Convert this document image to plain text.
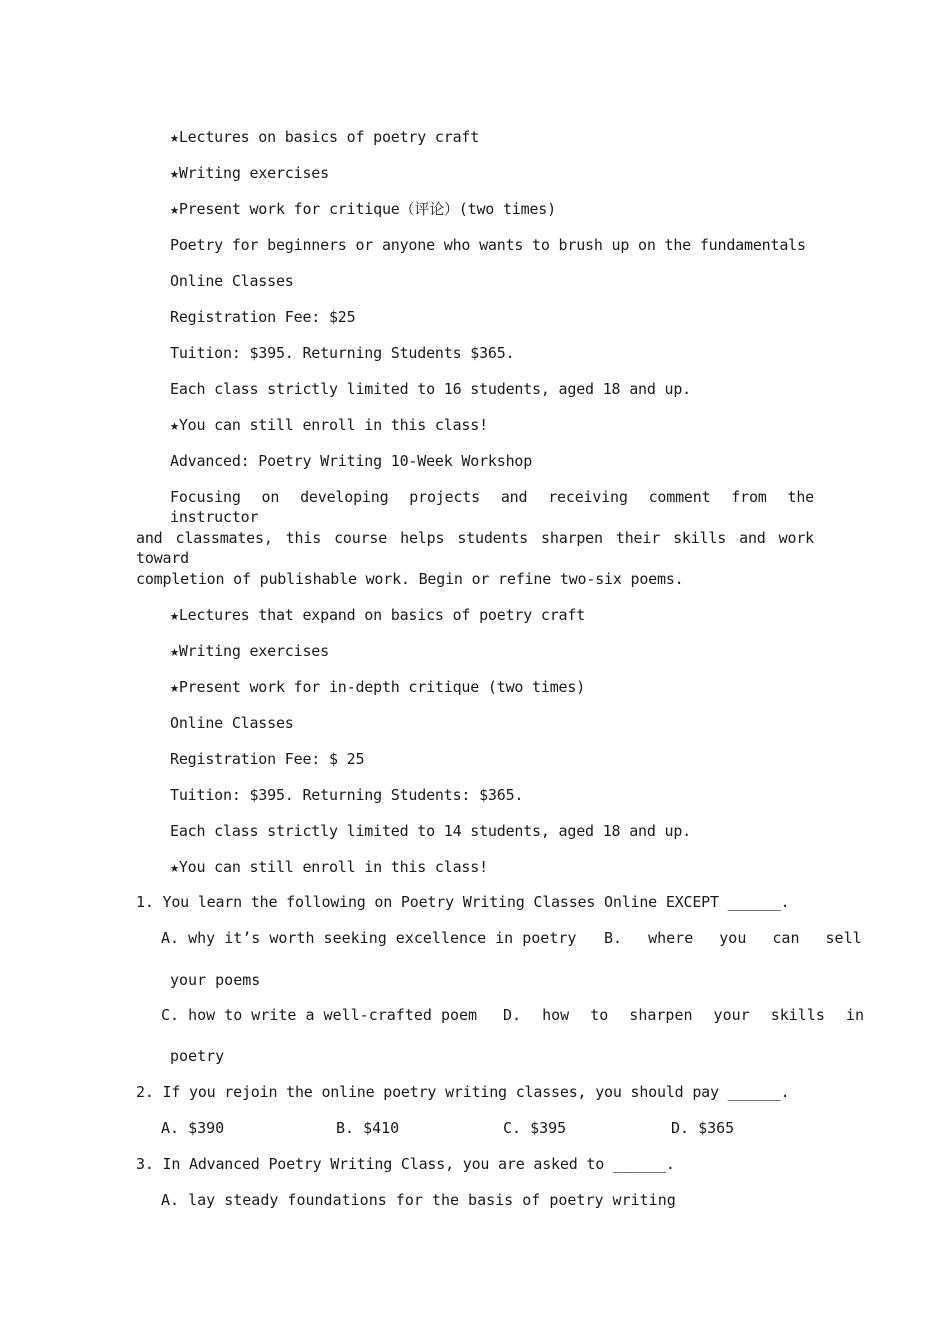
★Lectures on basics of poetry craft
★Writing exercises
★Present work for critique（评论）(two times)
Poetry for beginners or anyone who wants to brush up on the fundamentals
Online Classes
Registration Fee: $25
Tuition: $395. Returning Students $365.
Each class strictly limited to 16 students, aged 18 and up.
★You can still enroll in this class!
Advanced: Poetry Writing 10-Week Workshop
Focusing on developing projects and receiving comment from the instructor
and classmates, this course helps students sharpen their skills and work toward
completion of publishable work. Begin or refine two-six poems.
★Lectures that expand on basics of poetry craft
★Writing exercises
★Present work for in-depth critique (two times)
Online Classes
Registration Fee: $ 25
Tuition: $395. Returning Students: $365.
Each class strictly limited to 14 students, aged 18 and up.
★You can still enroll in this class!
1. You learn the following on Poetry Writing Classes Online EXCEPT ______.
A. why it’s worth seeking excellence in poetry B. where you can sell
your poems
C. how to write a well-crafted poem D. how to sharpen your skills in
poetry
2. If you rejoin the online poetry writing classes, you should pay ______.
A. $390	B. $410	C. $395	D. $365
3. In Advanced Poetry Writing Class, you are asked to ______.
A. lay steady foundations for the basis of poetry writing
